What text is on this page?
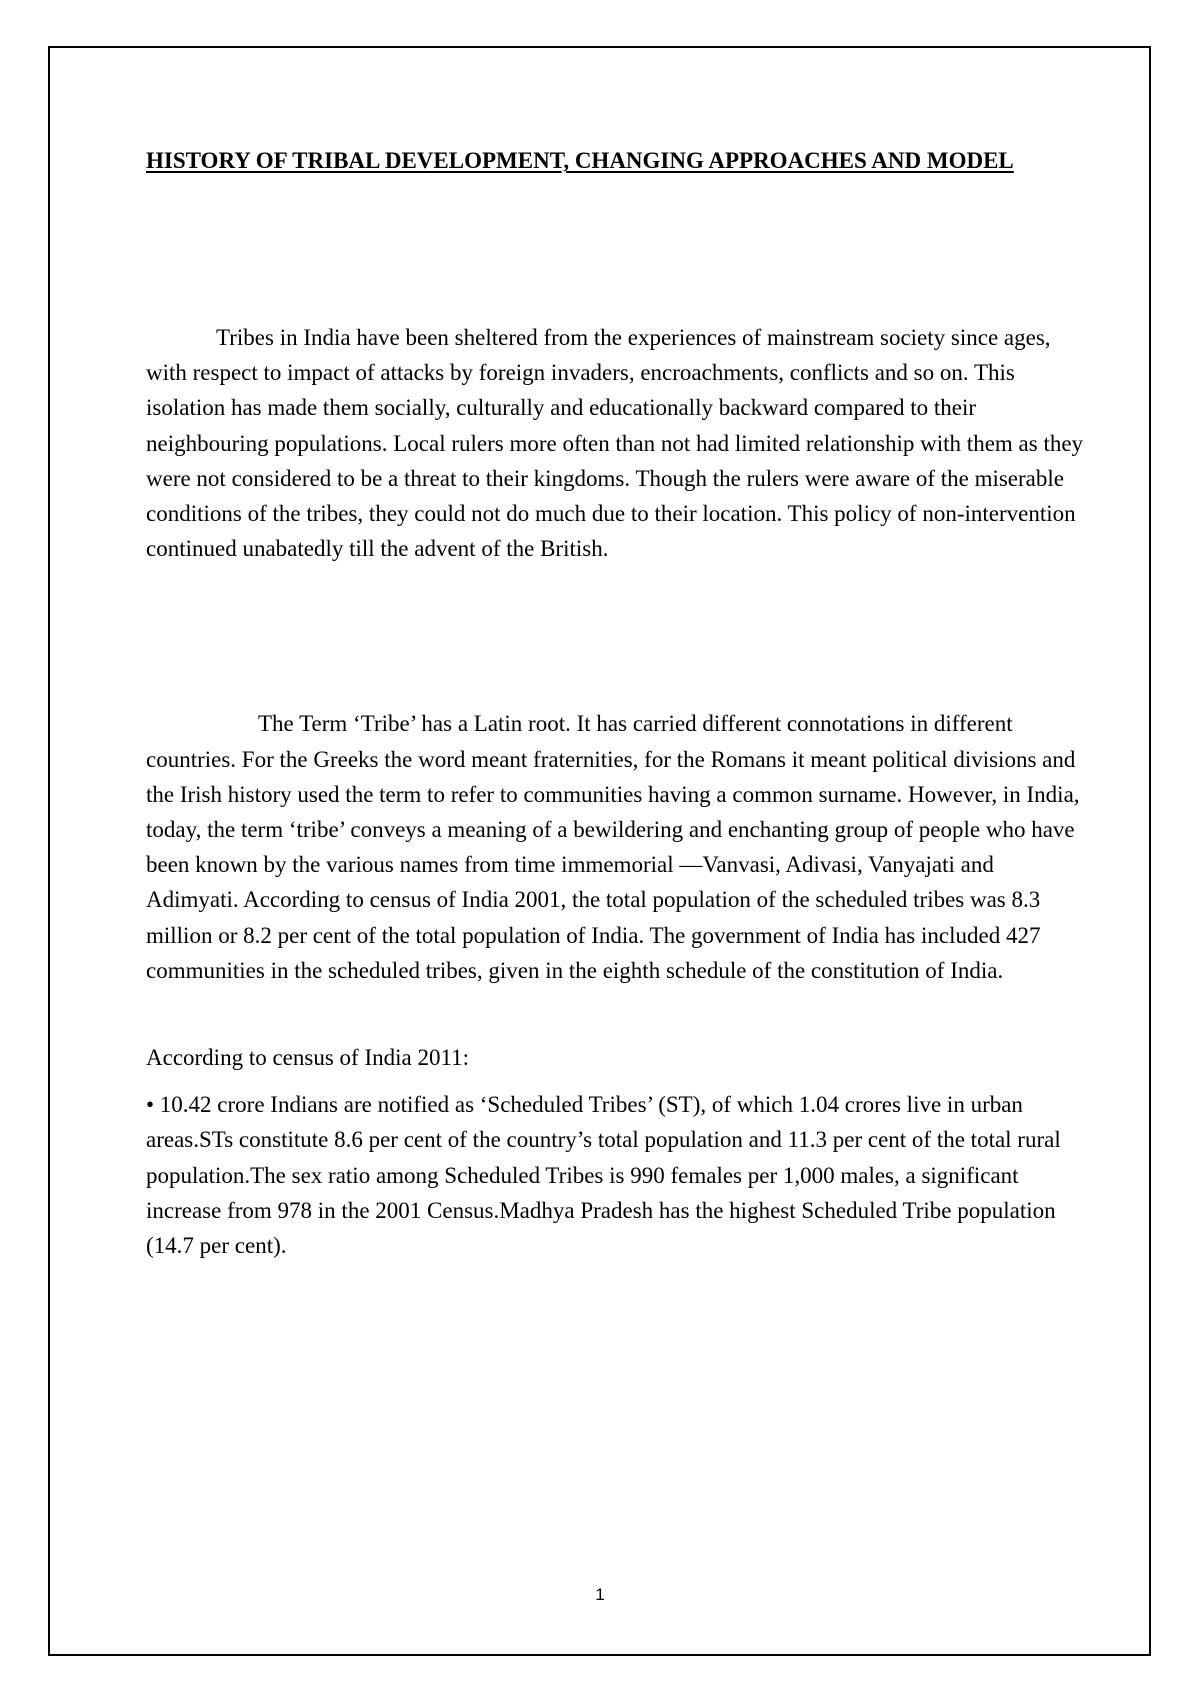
HISTORY OF TRIBAL DEVELOPMENT, CHANGING APPROACHES AND MODEL

Tribes in India have been sheltered from the experiences of mainstream society since ages, with respect to impact of attacks by foreign invaders, encroachments, conflicts and so on. This isolation has made them socially, culturally and educationally backward compared to their neighbouring populations. Local rulers more often than not had limited relationship with them as they were not considered to be a threat to their kingdoms. Though the rulers were aware of the miserable conditions of the tribes, they could not do much due to their location. This policy of non-intervention continued unabatedly till the advent of the British.

The Term ‘Tribe’ has a Latin root. It has carried different connotations in different countries. For the Greeks the word meant fraternities, for the Romans it meant political divisions and the Irish history used the term to refer to communities having a common surname. However, in India, today, the term ‘tribe’ conveys a meaning of a bewildering and enchanting group of people who have been known by the various names from time immemorial —Vanvasi, Adivasi, Vanyajati and Adimyati. According to census of India 2001, the total population of the scheduled tribes was 8.3 million or 8.2 per cent of the total population of India. The government of India has included 427 communities in the scheduled tribes, given in the eighth schedule of the constitution of India.

According to census of India 2011:

• 10.42 crore Indians are notified as ‘Scheduled Tribes’ (ST), of which 1.04 crores live in urban areas.STs constitute 8.6 per cent of the country’s total population and 11.3 per cent of the total rural population.The sex ratio among Scheduled Tribes is 990 females per 1,000 males, a significant increase from 978 in the 2001 Census.Madhya Pradesh has the highest Scheduled Tribe population (14.7 per cent).

1
